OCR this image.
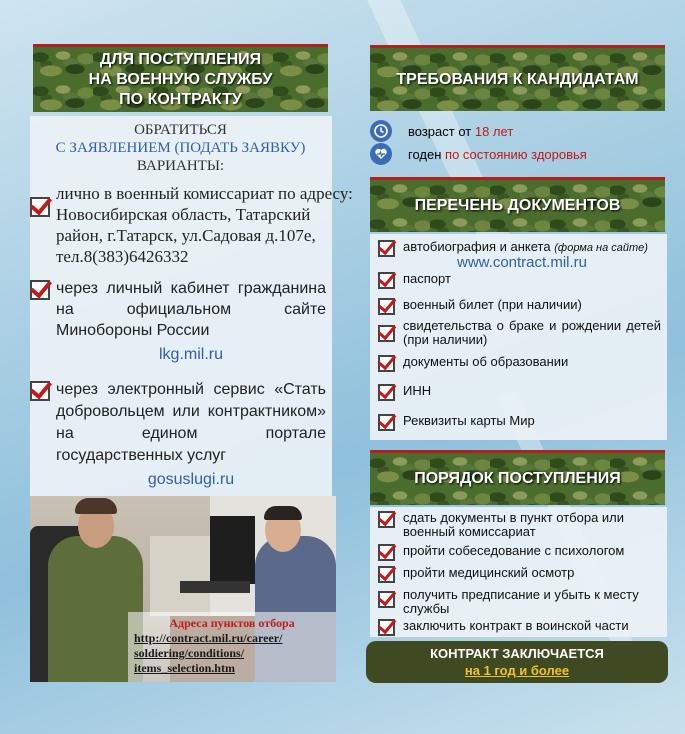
ДЛЯ ПОСТУПЛЕНИЯ
НА ВОЕННУЮ СЛУЖБУ
ПО КОНТРАКТУ
ОБРАТИТЬСЯ
С ЗАЯВЛЕНИЕМ (ПОДАТЬ ЗАЯВКУ)
ВАРИАНТЫ:
лично в военный комиссариат по адресу: Новосибирская область, Татарский район, г.Татарск, ул.Садовая д.107е, тел.8(383)6426332
через личный кабинет гражданина на официальном сайте Минобороны России
lkg.mil.ru
через электронный сервис «Стать добровольцем или контрактником» на едином портале государственных услуг
gosuslugi.ru
Адреса пунктов отбора
http://contract.mil.ru/career/
soldiering/conditions/
items_selection.htm
ТРЕБОВАНИЯ К КАНДИДАТАМ
возраст от 18 лет
годен по состоянию здоровья
ПЕРЕЧЕНЬ ДОКУМЕНТОВ
автобиография и анкета (форма на сайте)
www.contract.mil.ru
паспорт
военный билет (при наличии)
свидетельства о браке и рождении детей (при наличии)
документы об образовании
ИНН
Реквизиты карты Мир
ПОРЯДОК ПОСТУПЛЕНИЯ
сдать документы в пункт отбора или военный комиссариат
пройти собеседование с психологом
пройти медицинский осмотр
получить предписание и убыть к месту службы
заключить контракт в воинской части
КОНТРАКТ ЗАКЛЮЧАЕТСЯ
на 1 год и более
